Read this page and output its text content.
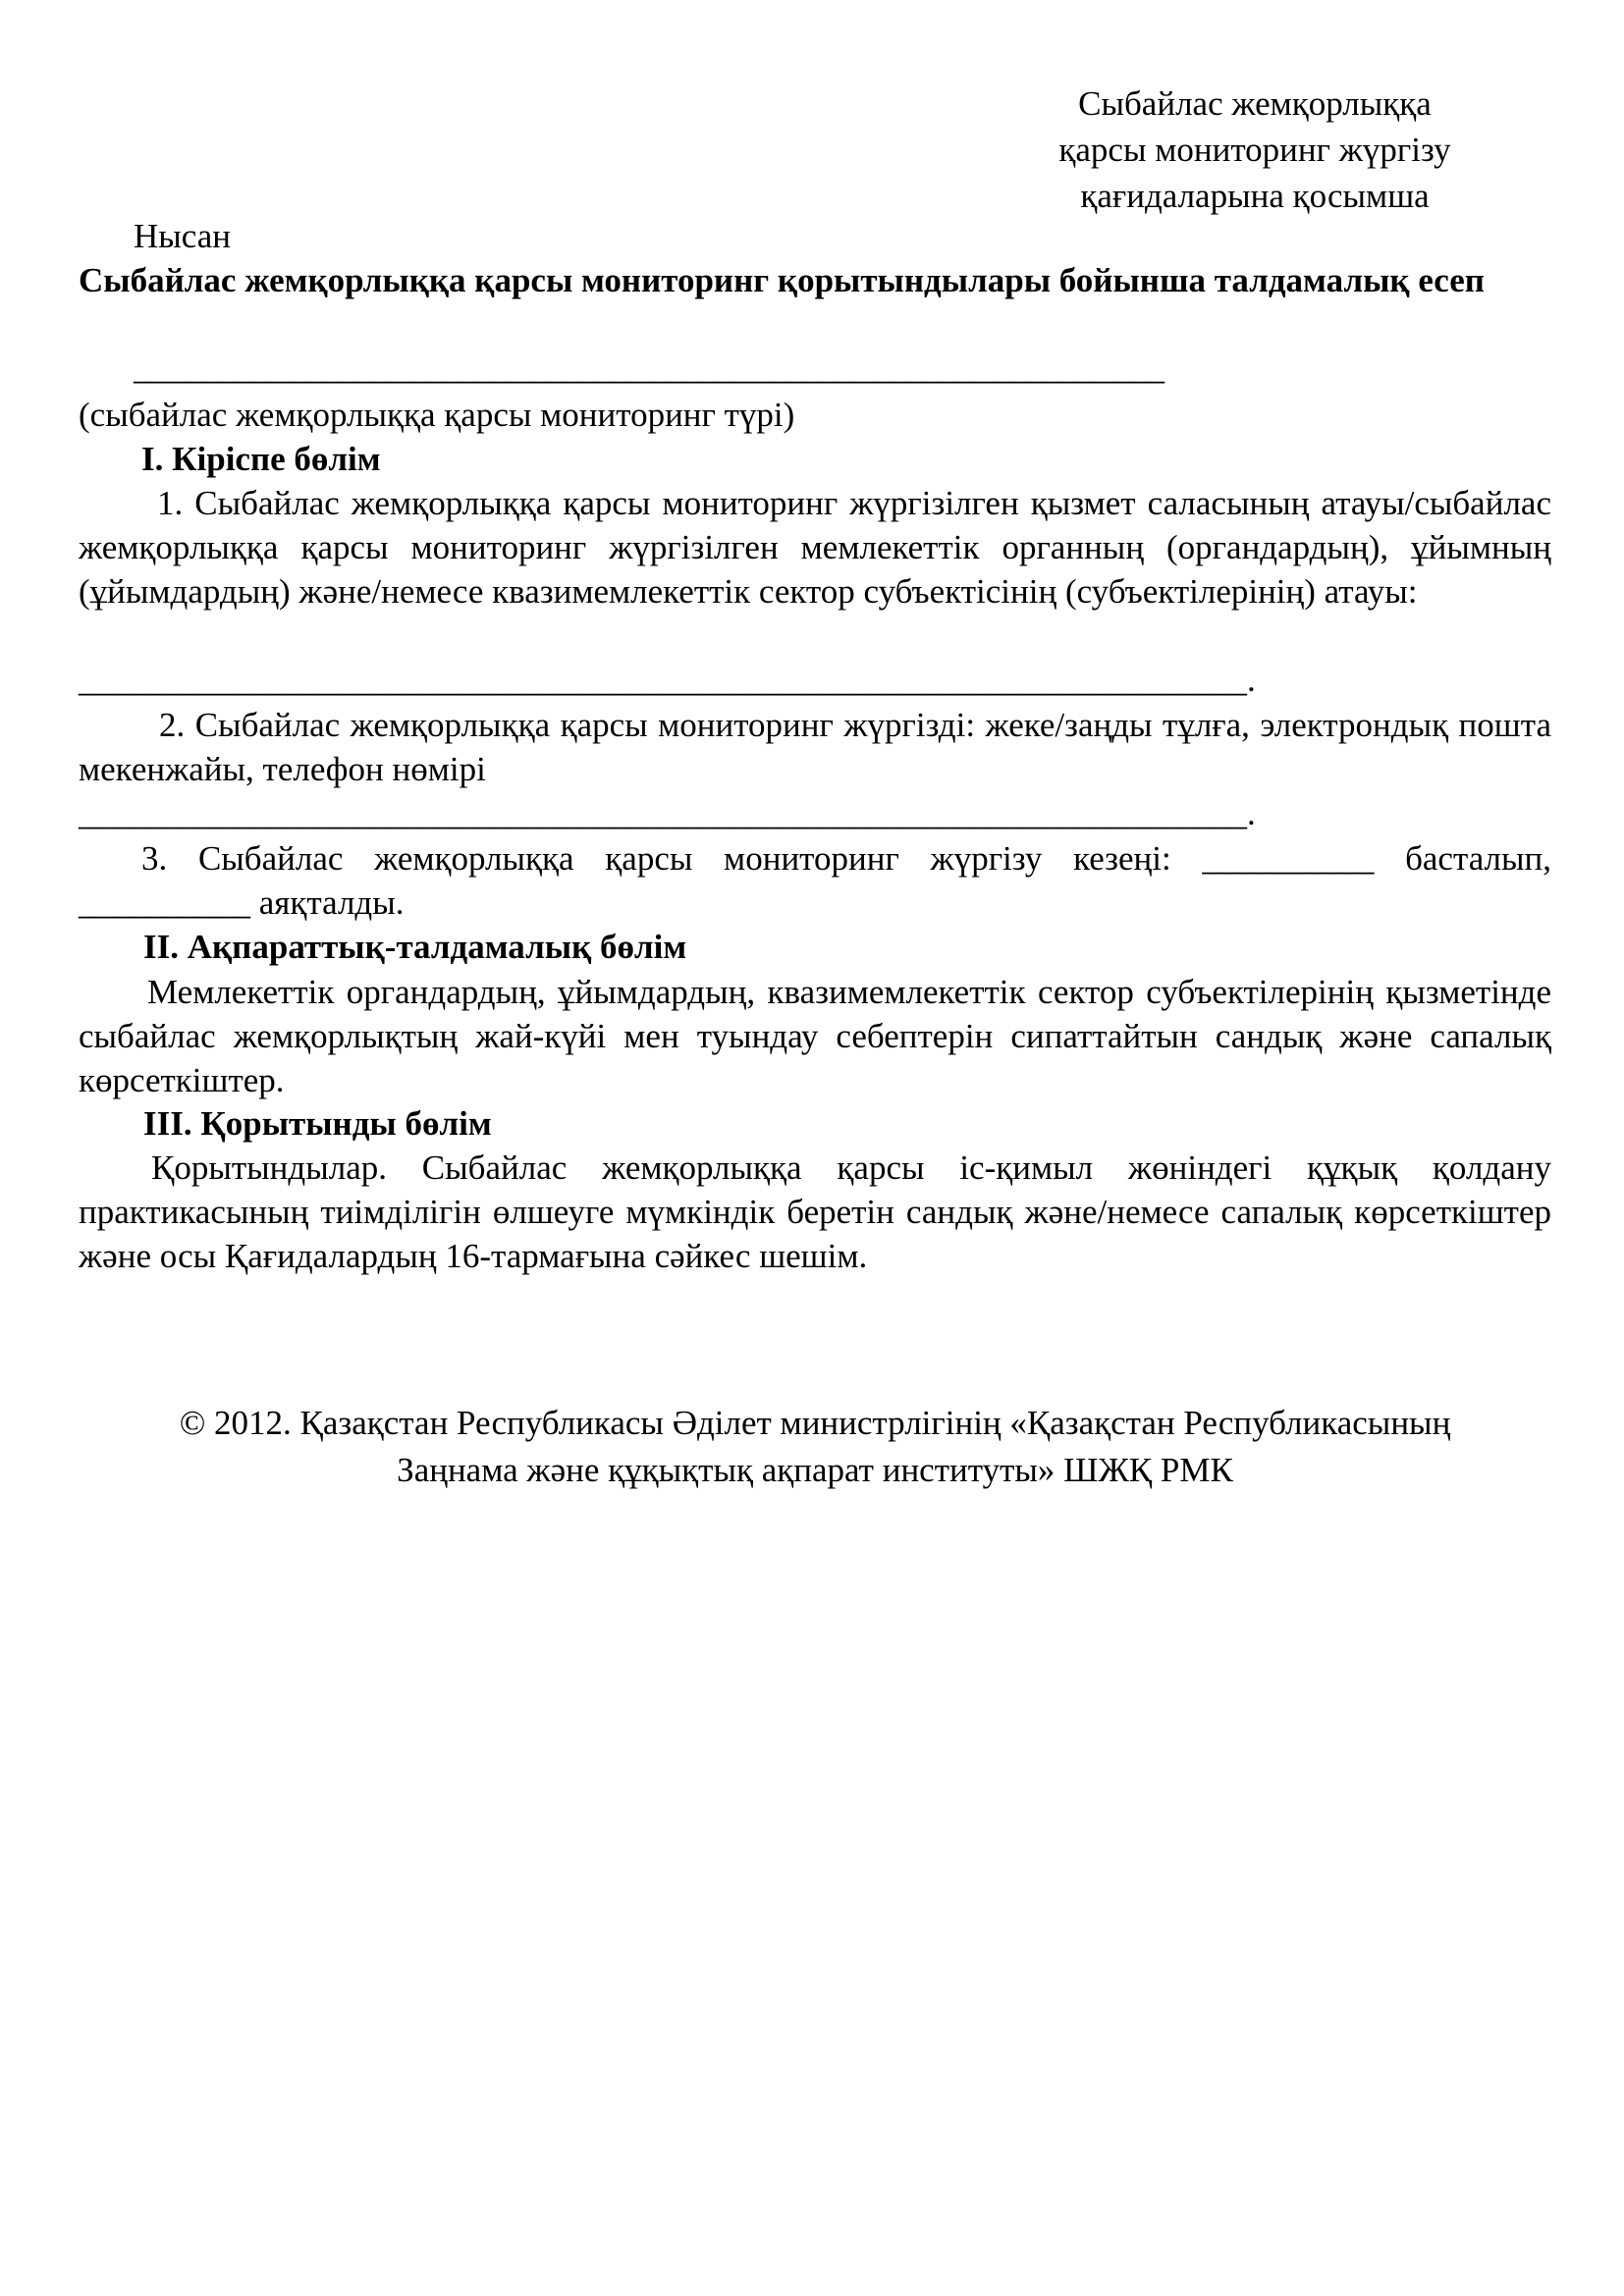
Сыбайлас жемқорлыққа
қарсы мониторинг жүргізу
қағидаларына қосымша
Нысан
Сыбайлас жемқорлыққа қарсы мониторинг қорытындылары бойынша талдамалық есеп
____________________________________________________________
(сыбайлас жемқорлыққа қарсы мониторинг түрі)
I. Кіріспе бөлім
1. Сыбайлас жемқорлыққа қарсы мониторинг жүргізілген қызмет саласының атауы/сыбайлас жемқорлыққа қарсы мониторинг жүргізілген мемлекеттік органның (органдардың), ұйымның (ұйымдардың) және/немесе квазимемлекеттік сектор субъектісінің (субъектілерінің) атауы:
____________________________________________________________________.
2. Сыбайлас жемқорлыққа қарсы мониторинг жүргізді: жеке/заңды тұлға, электрондық пошта мекенжайы, телефон нөмірі
____________________________________________________________________.
3. Сыбайлас жемқорлыққа қарсы мониторинг жүргізу кезеңі: __________ басталып, __________ аяқталды.
II. Ақпараттық-талдамалық бөлім
Мемлекеттік органдардың, ұйымдардың, квазимемлекеттік сектор субъектілерінің қызметінде сыбайлас жемқорлықтың жай-күйі мен туындау себептерін сипаттайтын сандық және сапалық көрсеткіштер.
III. Қорытынды бөлім
Қорытындылар. Сыбайлас жемқорлыққа қарсы іс-қимыл жөніндегі құқық қолдану практикасының тиімділігін өлшеуге мүмкіндік беретін сандық және/немесе сапалық көрсеткіштер және осы Қағидалардың 16-тармағына сәйкес шешім.
© 2012. Қазақстан Республикасы Әділет министрлігінің «Қазақстан Республикасының
Заңнама және құқықтық ақпарат институты» ШЖҚ РМК
